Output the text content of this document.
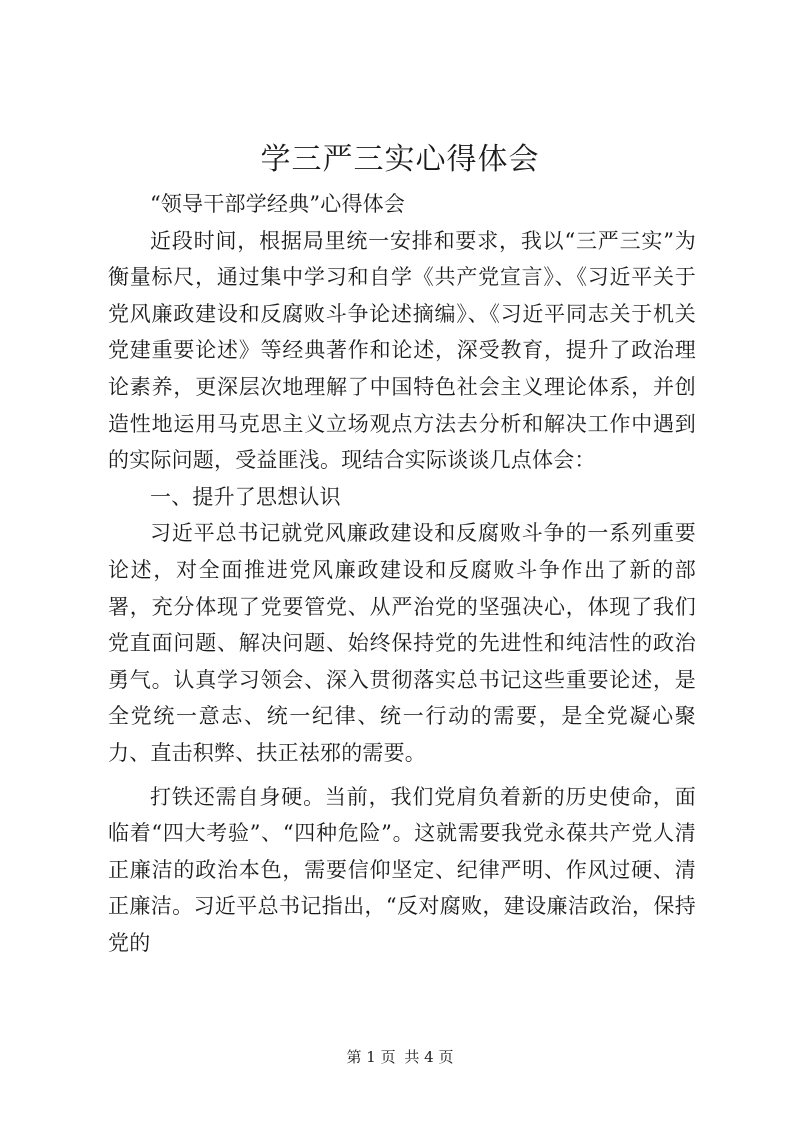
学三严三实心得体会

“领导干部学经典”心得体会

近段时间，根据局里统一安排和要求，我以“三严三实”为衡量标尺，通过集中学习和自学《共产党宣言》、《习近平关于党风廉政建设和反腐败斗争论述摘编》、《习近平同志关于机关党建重要论述》等经典著作和论述，深受教育，提升了政治理论素养，更深层次地理解了中国特色社会主义理论体系，并创造性地运用马克思主义立场观点方法去分析和解决工作中遇到的实际问题，受益匪浅。现结合实际谈谈几点体会：

一、提升了思想认识

习近平总书记就党风廉政建设和反腐败斗争的一系列重要论述，对全面推进党风廉政建设和反腐败斗争作出了新的部署，充分体现了党要管党、从严治党的坚强决心，体现了我们党直面问题、解决问题、始终保持党的先进性和纯洁性的政治勇气。认真学习领会、深入贯彻落实总书记这些重要论述，是全党统一意志、统一纪律、统一行动的需要，是全党凝心聚力、直击积弊、扶正祛邪的需要。

打铁还需自身硬。当前，我们党肩负着新的历史使命，面临着“四大考验”、“四种危险”。这就需要我党永葆共产党人清正廉洁的政治本色，需要信仰坚定、纪律严明、作风过硬、清正廉洁。习近平总书记指出，“反对腐败，建设廉洁政治，保持党的

第 1 页 共 4 页
